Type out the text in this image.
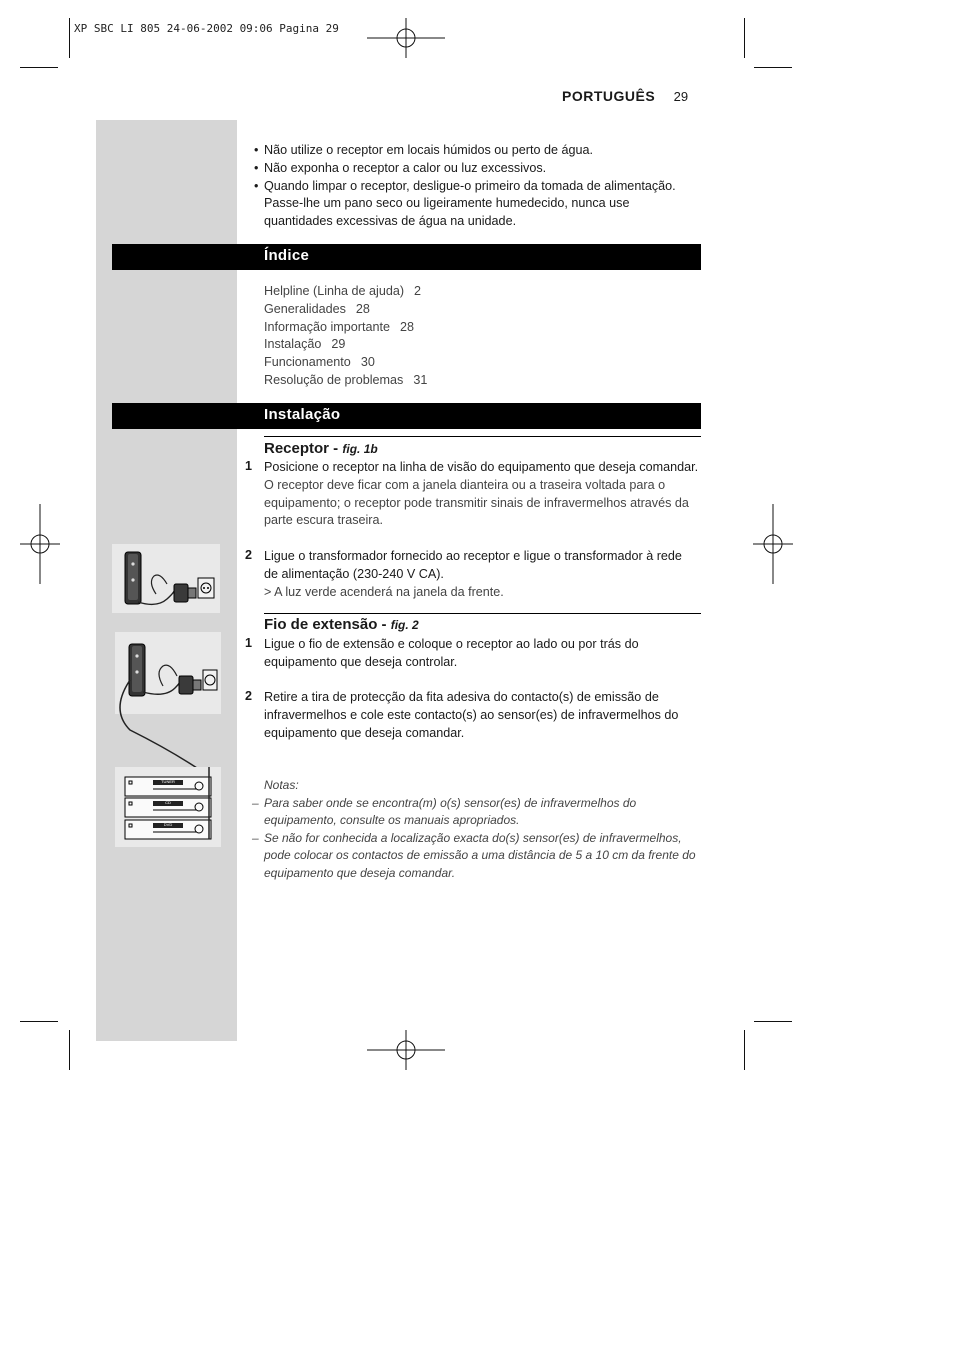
XP SBC LI 805 24-06-2002 09:06 Pagina 29
PORTUGUÊS 29
• Não utilize o receptor em locais húmidos ou perto de água.
• Não exponha o receptor a calor ou luz excessivos.
• Quando limpar o receptor, desligue-o primeiro da tomada de alimentação. Passe-lhe um pano seco ou ligeiramente humedecido, nunca use quantidades excessivas de água na unidade.
Índice
Helpline (Linha de ajuda) 2
Generalidades 28
Informação importante 28
Instalação 29
Funcionamento 30
Resolução de problemas 31
Instalação
Receptor - fig. 1b
1 Posicione o receptor na linha de visão do equipamento que deseja comandar.
O receptor deve ficar com a janela dianteira ou a traseira voltada para o equipamento; o receptor pode transmitir sinais de infravermelhos através da parte escura traseira.
2 Ligue o transformador fornecido ao receptor e ligue o transformador à rede de alimentação (230-240 V CA).
> A luz verde acenderá na janela da frente.
Fio de extensão - fig. 2
1 Ligue o fio de extensão e coloque o receptor ao lado ou por trás do equipamento que deseja controlar.
2 Retire a tira de protecção da fita adesiva do contacto(s) de emissão de infravermelhos e cole este contacto(s) ao sensor(es) de infravermelhos do equipamento que deseja comandar.
Notas:
– Para saber onde se encontra(m) o(s) sensor(es) de infravermelhos do equipamento, consulte os manuais apropriados.
– Se não for conhecida a localização exacta do(s) sensor(es) de infravermelhos, pode colocar os contactos de emissão a uma distância de 5 a 10 cm da frente do equipamento que deseja comandar.
TUNER
CD
DVD
